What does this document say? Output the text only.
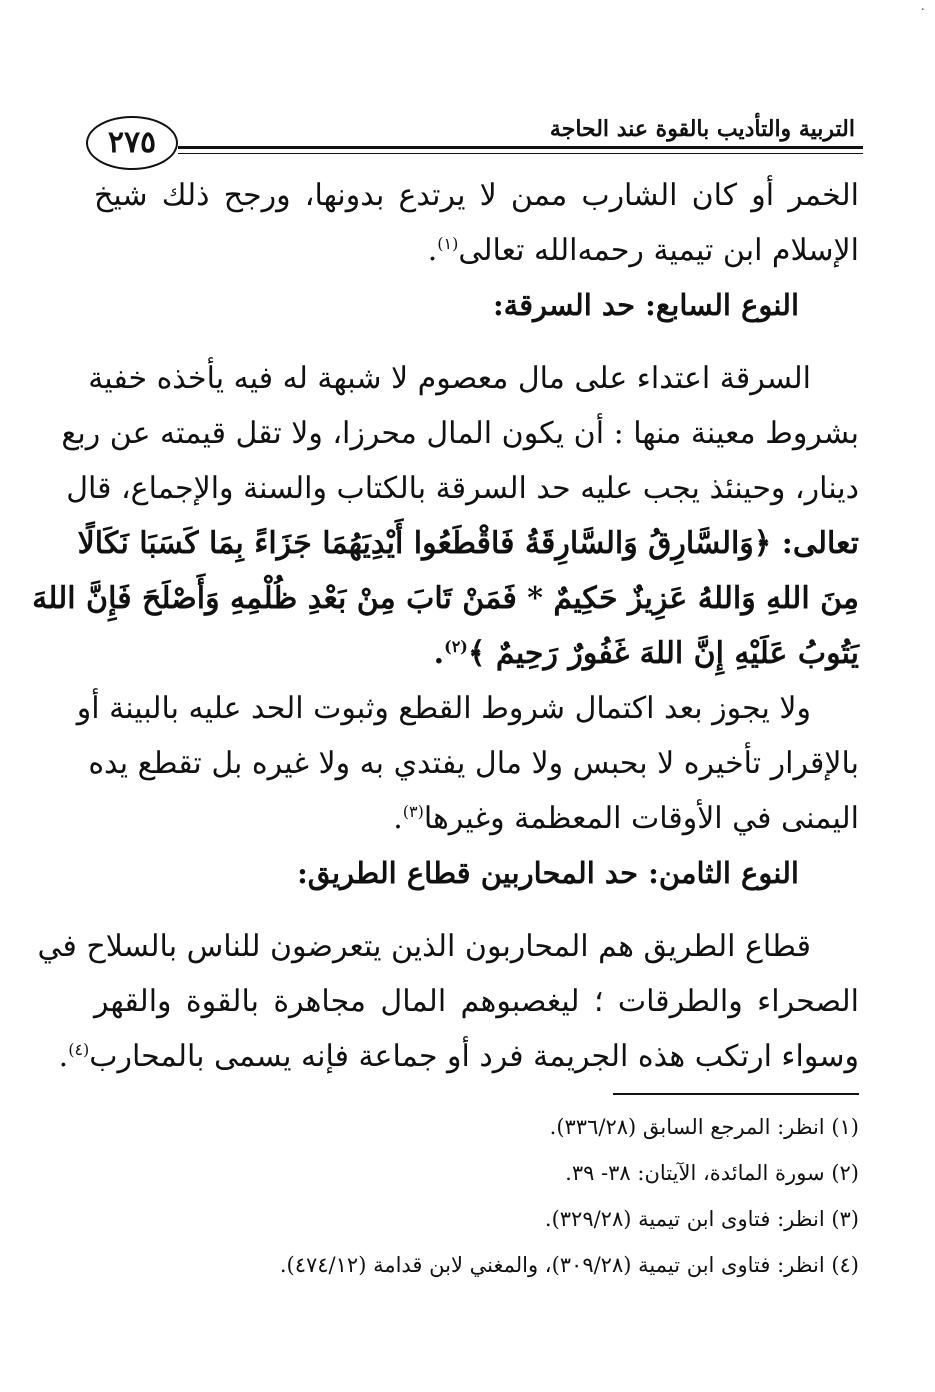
·
التربية والتأديب بالقوة عند الحاجة
٢٧٥
الخمر أو كان الشارب ممن لا يرتدع بدونها، ورجح ذلك شيخ
الإسلام ابن تيمية رحمه‌الله تعالى$^{(١)}$.
النوع السابع: حد السرقة:
السرقة اعتداء على مال معصوم لا شبهة له فيه يأخذه خفية
بشروط معينة منها : أن يكون المال محرزا، ولا تقل قيمته عن ربع
دينار، وحينئذ يجب عليه حد السرقة بالكتاب والسنة والإجماع، قال
تعالى: ﴿وَالسَّارِقُ وَالسَّارِقَةُ فَاقْطَعُوا أَيْدِيَهُمَا جَزَاءً بِمَا كَسَبَا نَكَالًا
مِنَ اللهِ وَاللهُ عَزِيزٌ حَكِيمٌ * فَمَنْ تَابَ مِنْ بَعْدِ ظُلْمِهِ وَأَصْلَحَ فَإِنَّ اللهَ
يَتُوبُ عَلَيْهِ إِنَّ اللهَ غَفُورٌ رَحِيمٌ ﴾$^{(٢)}$.
ولا يجوز بعد اكتمال شروط القطع وثبوت الحد عليه بالبينة أو
بالإقرار تأخيره لا بحبس ولا مال يفتدي به ولا غيره بل تقطع يده
اليمنى في الأوقات المعظمة وغيرها$^{(٣)}$.
النوع الثامن: حد المحاربين قطاع الطريق:
قطاع الطريق هم المحاربون الذين يتعرضون للناس بالسلاح في
الصحراء والطرقات ؛ ليغصبوهم المال مجاهرة بالقوة والقهر
وسواء ارتكب هذه الجريمة فرد أو جماعة فإنه يسمى بالمحارب$^{(٤)}$.
(١) انظر: المرجع السابق (٣٣٦/٢٨).
(٢) سورة المائدة، الآيتان: ٣٨- ٣٩.
(٣) انظر: فتاوى ابن تيمية (٣٢٩/٢٨).
(٤) انظر: فتاوى ابن تيمية (٣٠٩/٢٨)، والمغني لابن قدامة (٤٧٤/١٢).
